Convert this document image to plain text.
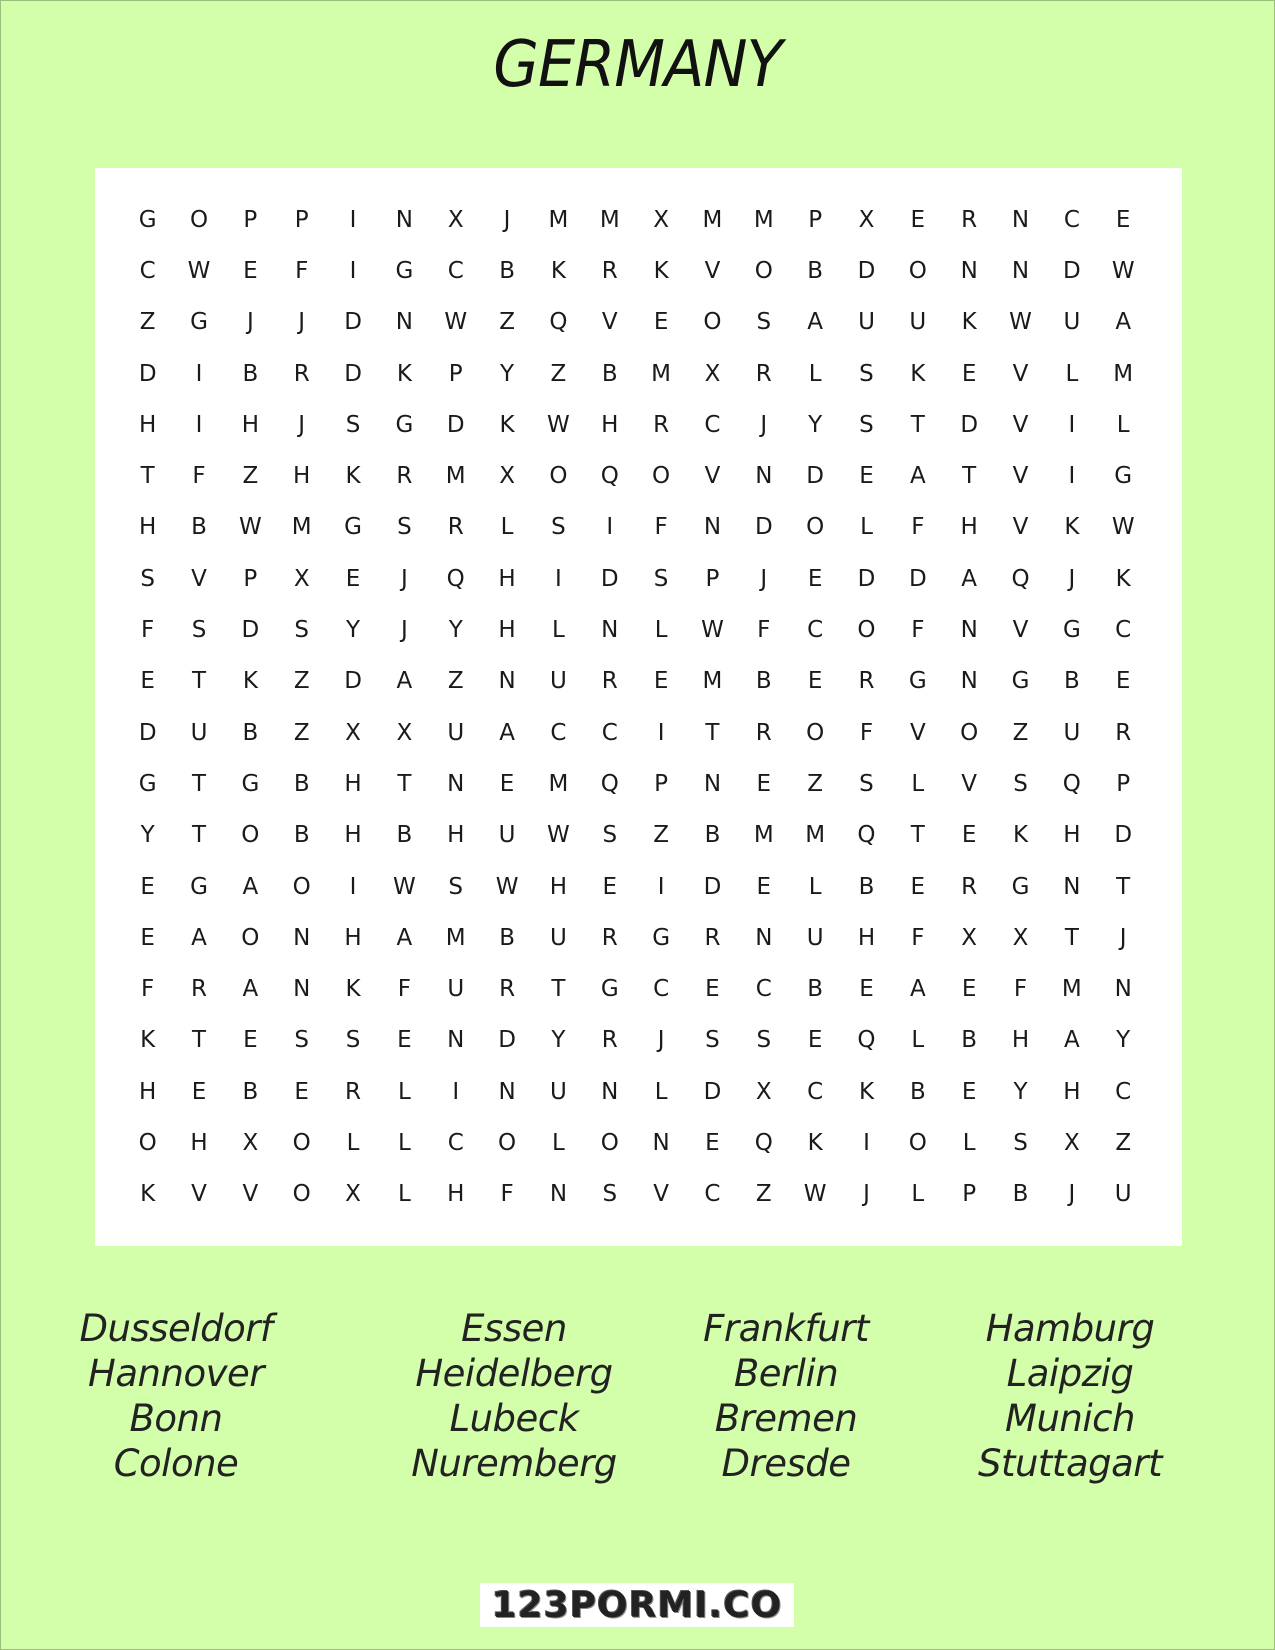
GERMANY
G	O	P	P	I	N	X	J	M	M	X	M	M	P	X	E	R	N	C	E
C	W	E	F	I	G	C	B	K	R	K	V	O	B	D	O	N	N	D	W
Z	G	J	J	D	N	W	Z	Q	V	E	O	S	A	U	U	K	W	U	A
D	I	B	R	D	K	P	Y	Z	B	M	X	R	L	S	K	E	V	L	M
H	I	H	J	S	G	D	K	W	H	R	C	J	Y	S	T	D	V	I	L
T	F	Z	H	K	R	M	X	O	Q	O	V	N	D	E	A	T	V	I	G
H	B	W	M	G	S	R	L	S	I	F	N	D	O	L	F	H	V	K	W
S	V	P	X	E	J	Q	H	I	D	S	P	J	E	D	D	A	Q	J	K
F	S	D	S	Y	J	Y	H	L	N	L	W	F	C	O	F	N	V	G	C
E	T	K	Z	D	A	Z	N	U	R	E	M	B	E	R	G	N	G	B	E
D	U	B	Z	X	X	U	A	C	C	I	T	R	O	F	V	O	Z	U	R
G	T	G	B	H	T	N	E	M	Q	P	N	E	Z	S	L	V	S	Q	P
Y	T	O	B	H	B	H	U	W	S	Z	B	M	M	Q	T	E	K	H	D
E	G	A	O	I	W	S	W	H	E	I	D	E	L	B	E	R	G	N	T
E	A	O	N	H	A	M	B	U	R	G	R	N	U	H	F	X	X	T	J
F	R	A	N	K	F	U	R	T	G	C	E	C	B	E	A	E	F	M	N
K	T	E	S	S	E	N	D	Y	R	J	S	S	E	Q	L	B	H	A	Y
H	E	B	E	R	L	I	N	U	N	L	D	X	C	K	B	E	Y	H	C
O	H	X	O	L	L	C	O	L	O	N	E	Q	K	I	O	L	S	X	Z
K	V	V	O	X	L	H	F	N	S	V	C	Z	W	J	L	P	B	J	U
Dusseldorf
Hannover
Bonn
Colone
Essen
Heidelberg
Lubeck
Nuremberg
Frankfurt
Berlin
Bremen
Dresde
Hamburg
Laipzig
Munich
Stuttagart
123PORMI.CO
